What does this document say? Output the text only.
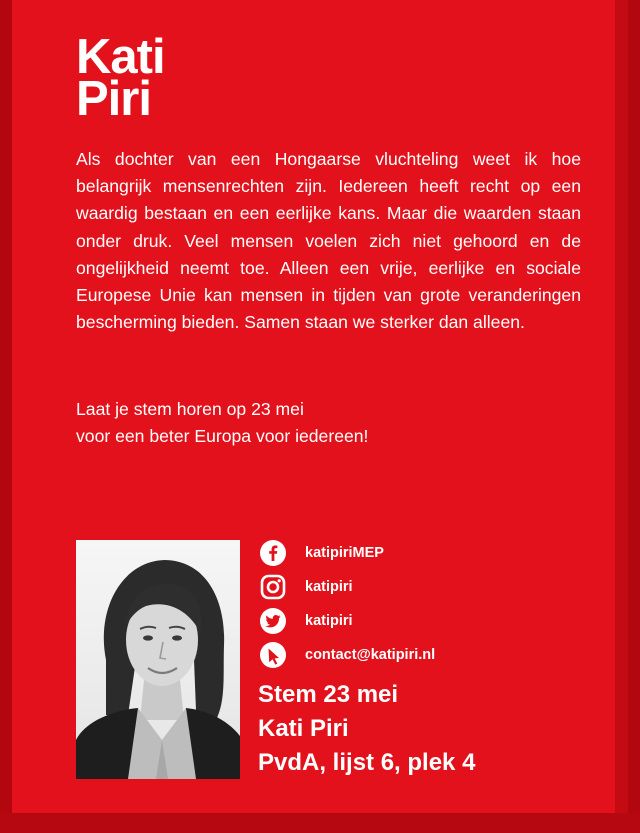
Kati
Piri

Als dochter van een Hongaarse vluchteling weet ik hoe belangrijk mensenrechten zijn. Iedereen heeft recht op een waardig bestaan en een eerlijke kans. Maar die waarden staan onder druk. Veel mensen voelen zich niet gehoord en de ongelijkheid neemt toe. Alleen een vrije, eerlijke en sociale Europese Unie kan mensen in tijden van grote veranderingen bescherming bieden. Samen staan we sterker dan alleen.

Laat je stem horen op 23 mei
voor een beter Europa voor iedereen!

katipiriMEP
katipiri
katipiri
contact@katipiri.nl
Stem 23 mei
Kati Piri
PvdA, lijst 6, plek 4
